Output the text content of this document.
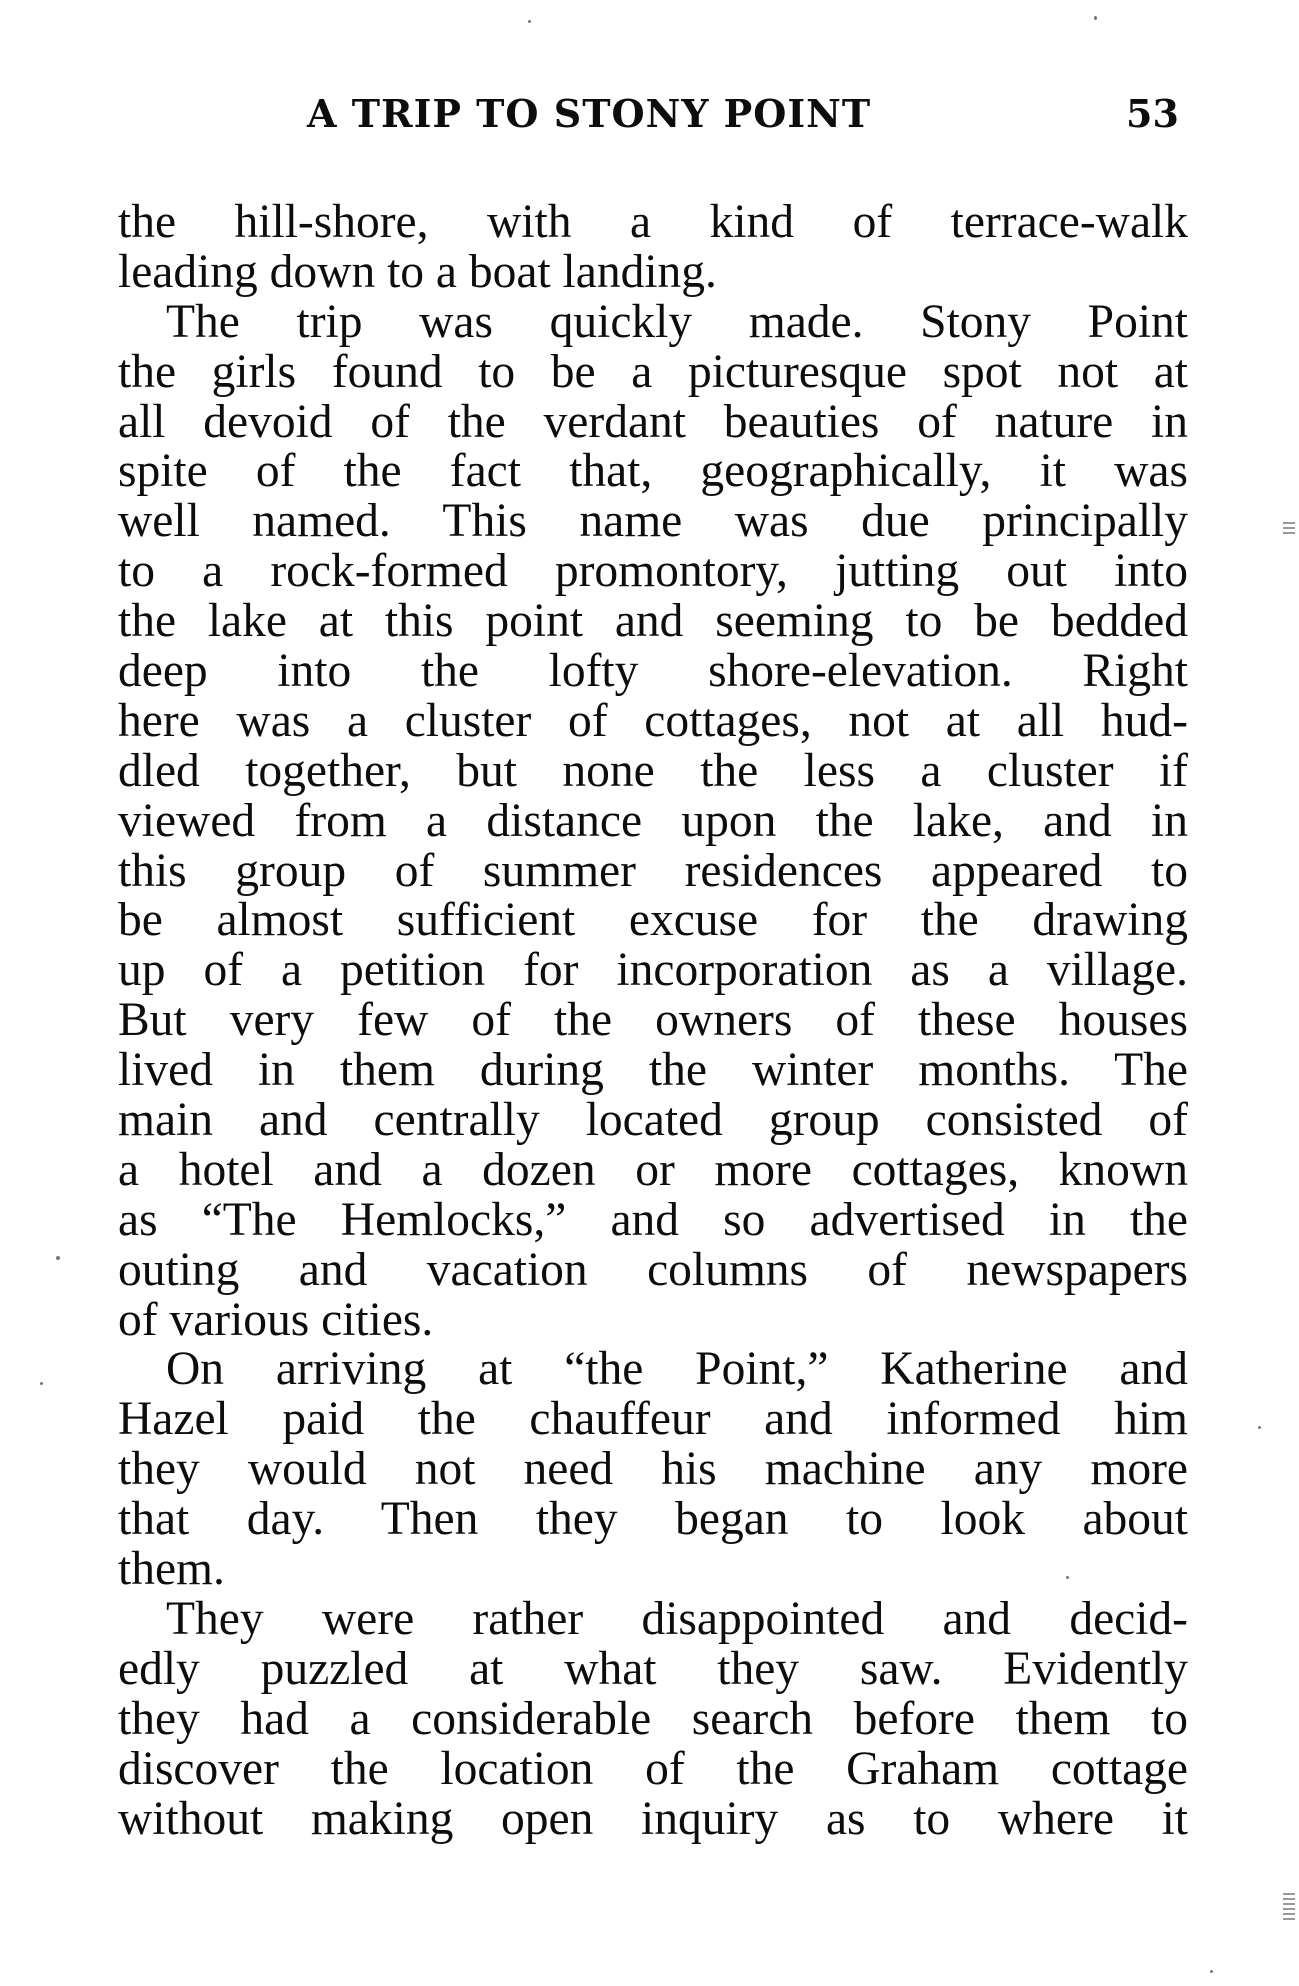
A TRIP TO STONY POINT	53
the hill-shore, with a kind of terrace-walk
leading down to a boat landing.
The trip was quickly made. Stony Point
the girls found to be a picturesque spot not at
all devoid of the verdant beauties of nature in
spite of the fact that, geographically, it was
well named. This name was due principally
to a rock-formed promontory, jutting out into
the lake at this point and seeming to be bedded
deep into the lofty shore-elevation. Right
here was a cluster of cottages, not at all hud-
dled together, but none the less a cluster if
viewed from a distance upon the lake, and in
this group of summer residences appeared to
be almost sufficient excuse for the drawing
up of a petition for incorporation as a village.
But very few of the owners of these houses
lived in them during the winter months. The
main and centrally located group consisted of
a hotel and a dozen or more cottages, known
as “The Hemlocks,” and so advertised in the
outing and vacation columns of newspapers
of various cities.
On arriving at “the Point,” Katherine and
Hazel paid the chauffeur and informed him
they would not need his machine any more
that day. Then they began to look about
them.
They were rather disappointed and decid-
edly puzzled at what they saw. Evidently
they had a considerable search before them to
discover the location of the Graham cottage
without making open inquiry as to where it
